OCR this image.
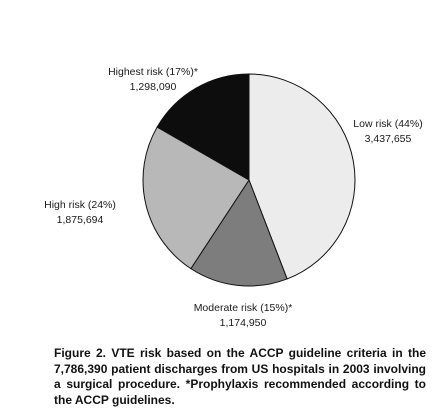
Low risk (44%)
3,437,655
Moderate risk (15%)*
1,174,950
High risk (24%)
1,875,694
Highest risk (17%)*
1,298,090
Figure 2. VTE risk based on the ACCP guideline criteria in the 7,786,390 patient discharges from US hospitals in 2003 involving a surgical procedure. *Prophylaxis recommended according to the ACCP guidelines.
